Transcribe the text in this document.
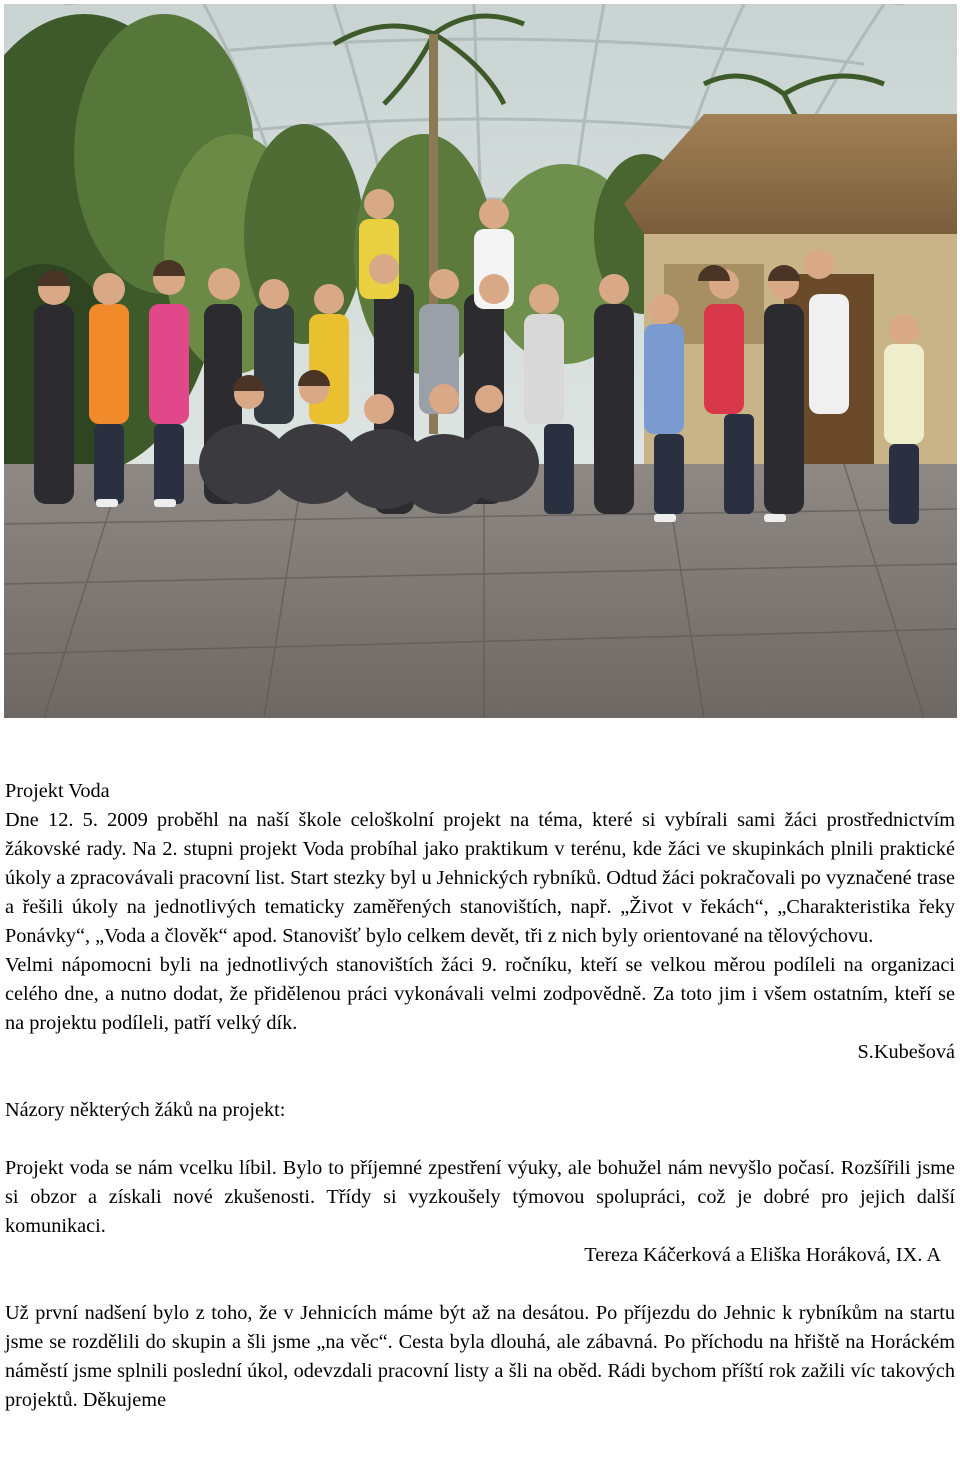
Projekt Voda

Dne 12. 5. 2009 proběhl na naší škole celoškolní projekt na téma, které si vybírali sami žáci prostřednictvím žákovské rady. Na 2. stupni projekt Voda probíhal jako praktikum v terénu, kde žáci ve skupinkách plnili praktické úkoly a zpracovávali pracovní list. Start stezky byl u Jehnických rybníků. Odtud žáci pokračovali po vyznačené trase a řešili úkoly na jednotlivých tematicky zaměřených stanovištích, např. „Život v řekách“, „Charakteristika řeky Ponávky“, „Voda a člověk“ apod. Stanovišť bylo celkem devět, tři z nich byly orientované na tělovýchovu.

Velmi nápomocni byli na jednotlivých stanovištích žáci 9. ročníku, kteří se velkou měrou podíleli na organizaci celého dne, a nutno dodat, že přidělenou práci vykonávali velmi zodpovědně. Za toto jim i všem ostatním, kteří se na projektu podíleli, patří velký dík.

S.Kubešová

Názory některých žáků na projekt:

Projekt voda se nám vcelku líbil. Bylo to příjemné zpestření výuky, ale bohužel nám nevyšlo počasí. Rozšířili jsme si obzor a získali nové zkušenosti. Třídy si vyzkoušely týmovou spolupráci, což je dobré pro jejich další komunikaci.

Tereza Káčerková a Eliška Horáková, IX. A

Už první nadšení bylo z toho, že v Jehnicích máme být až na desátou. Po příjezdu do Jehnic k rybníkům na startu jsme se rozdělili do skupin a šli jsme „na věc“. Cesta byla dlouhá, ale zábavná. Po příchodu na hřiště na Horáckém náměstí jsme splnili poslední úkol, odevzdali pracovní listy a šli na oběd. Rádi bychom příští rok zažili víc takových projektů. Děkujeme
